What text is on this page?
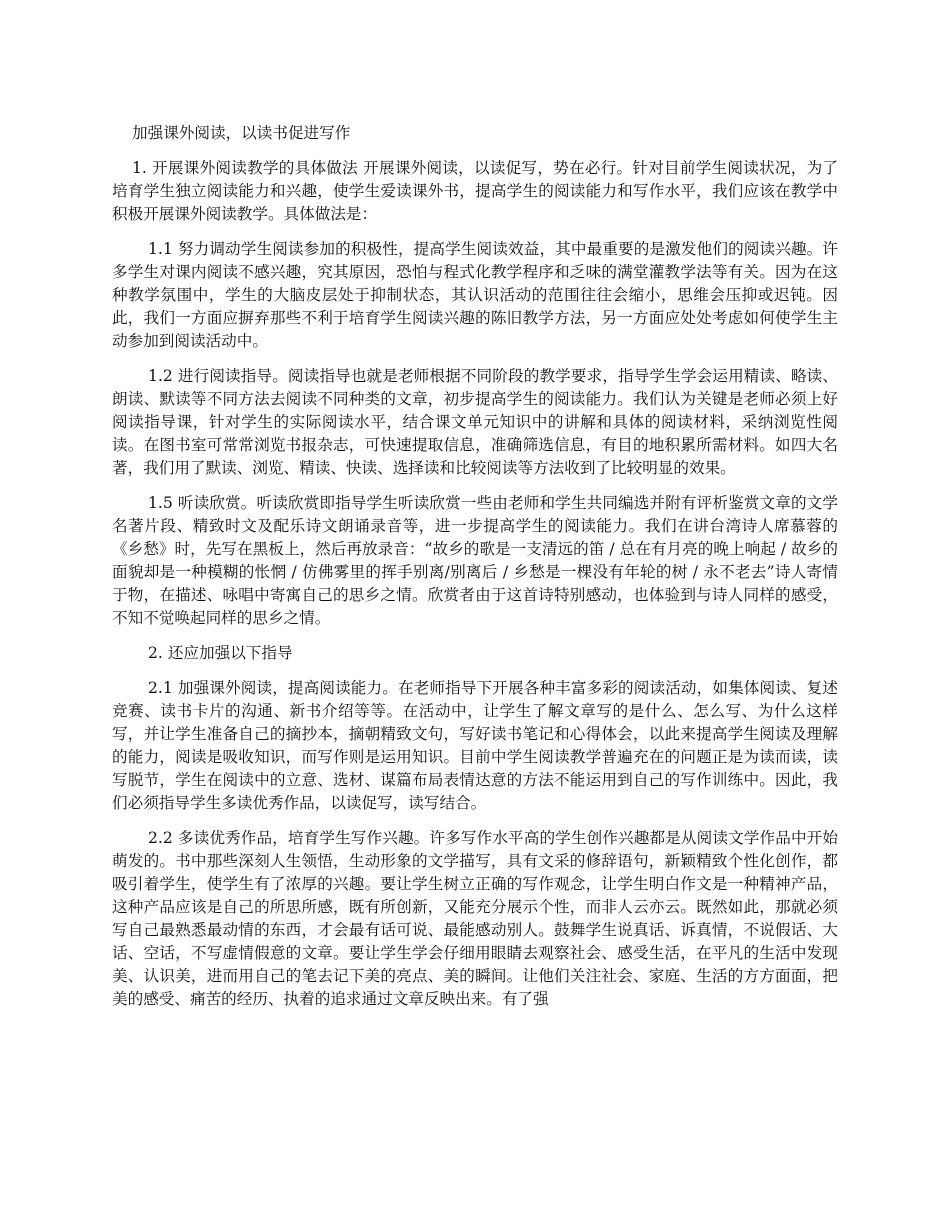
加强课外阅读，以读书促进写作

1. 开展课外阅读教学的具体做法 开展课外阅读，以读促写，势在必行。针对目前学生阅读状况，为了培育学生独立阅读能力和兴趣，使学生爱读课外书，提高学生的阅读能力和写作水平，我们应该在教学中积极开展课外阅读教学。具体做法是：

1.1 努力调动学生阅读参加的积极性，提高学生阅读效益，其中最重要的是激发他们的阅读兴趣。许多学生对课内阅读不感兴趣，究其原因，恐怕与程式化教学程序和乏味的满堂灌教学法等有关。因为在这种教学氛围中，学生的大脑皮层处于抑制状态，其认识活动的范围往往会缩小，思维会压抑或迟钝。因此，我们一方面应摒弃那些不利于培育学生阅读兴趣的陈旧教学方法，另一方面应处处考虑如何使学生主动参加到阅读活动中。

1.2 进行阅读指导。阅读指导也就是老师根据不同阶段的教学要求，指导学生学会运用精读、略读、朗读、默读等不同方法去阅读不同种类的文章，初步提高学生的阅读能力。我们认为关键是老师必须上好阅读指导课，针对学生的实际阅读水平，结合课文单元知识中的讲解和具体的阅读材料，采纳浏览性阅读。在图书室可常常浏览书报杂志，可快速提取信息，准确筛选信息，有目的地积累所需材料。如四大名著，我们用了默读、浏览、精读、快读、选择读和比较阅读等方法收到了比较明显的效果。

1.5 听读欣赏。听读欣赏即指导学生听读欣赏一些由老师和学生共同编选并附有评析鉴赏文章的文学名著片段、精致时文及配乐诗文朗诵录音等，进一步提高学生的阅读能力。我们在讲台湾诗人席慕蓉的《乡愁》时，先写在黑板上，然后再放录音：“故乡的歌是一支清远的笛 / 总在有月亮的晚上响起 / 故乡的面貌却是一种模糊的怅惘 / 仿佛雾里的挥手别离/别离后 / 乡愁是一棵没有年轮的树 / 永不老去”诗人寄情于物，在描述、咏唱中寄寓自己的思乡之情。欣赏者由于这首诗特别感动，也体验到与诗人同样的感受，不知不觉唤起同样的思乡之情。

2. 还应加强以下指导

2.1 加强课外阅读，提高阅读能力。在老师指导下开展各种丰富多彩的阅读活动，如集体阅读、复述竞赛、读书卡片的沟通、新书介绍等等。在活动中，让学生了解文章写的是什么、怎么写、为什么这样写，并让学生准备自己的摘抄本，摘朝精致文句，写好读书笔记和心得体会，以此来提高学生阅读及理解的能力，阅读是吸收知识，而写作则是运用知识。目前中学生阅读教学普遍充在的问题正是为读而读，读写脱节，学生在阅读中的立意、选材、谋篇布局表情达意的方法不能运用到自己的写作训练中。因此，我们必须指导学生多读优秀作品，以读促写，读写结合。

2.2 多读优秀作品，培育学生写作兴趣。许多写作水平高的学生创作兴趣都是从阅读文学作品中开始萌发的。书中那些深刻人生领悟，生动形象的文学描写，具有文采的修辞语句，新颖精致个性化创作，都吸引着学生，使学生有了浓厚的兴趣。要让学生树立正确的写作观念，让学生明白作文是一种精神产品，这种产品应该是自己的所思所感，既有所创新，又能充分展示个性，而非人云亦云。既然如此，那就必须写自己最熟悉最动情的东西，才会最有话可说、最能感动别人。鼓舞学生说真话、诉真情，不说假话、大话、空话，不写虚情假意的文章。要让学生学会仔细用眼睛去观察社会、感受生活，在平凡的生活中发现美、认识美，进而用自己的笔去记下美的亮点、美的瞬间。让他们关注社会、家庭、生活的方方面面，把美的感受、痛苦的经历、执着的追求通过文章反映出来。有了强
